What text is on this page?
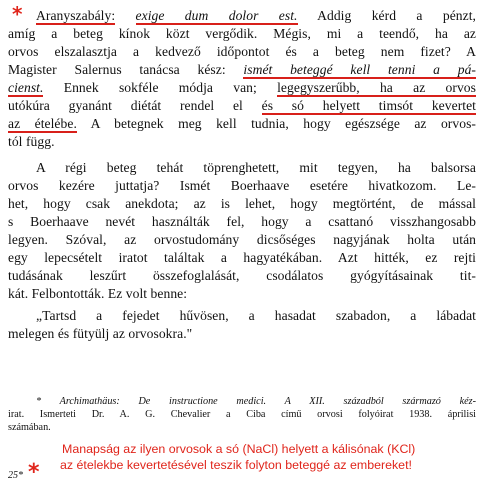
* Aranyszabály: exige dum dolor est. Addig kérd a pénzt,
amíg a beteg kínok közt vergődik. Mégis, mi a teendő, ha az
orvos elszalasztja a kedvező időpontot és a beteg nem fizet? A
Magister Salernus tanácsa kész: ismét beteggé kell tenni a pá-
cienst. Ennek sokféle módja van; legegyszerűbb, ha az orvos
utókúra gyanánt diétát rendel el és só helyett timsót kevertet
az ételébe. A betegnek meg kell tudnia, hogy egészsége az orvos-
tól függ.
A régi beteg tehát töprenghetett, mit tegyen, ha balsorsa
orvos kezére juttatja? Ismét Boerhaave esetére hivatkozom. Le-
het, hogy csak anekdota; az is lehet, hogy megtörtént, de mással
s Boerhaave nevét használták fel, hogy a csattanó visszhangosabb
legyen. Szóval, az orvostudomány dicsőséges nagyjának holta után
egy lepecsételt iratot találtak a hagyatékában. Azt hitték, ez rejti
tudásának leszűrt összefoglalását, csodálatos gyógyításainak tit-
kát. Felbontották. Ez volt benne:
„Tartsd a fejedet hűvösen, a hasadat szabadon, a lábadat
melegen és fütyülj az orvosokra."
* Archimathäus: De instructione medici. A XII. századból származó kéz-
irat. Ismerteti Dr. A. G. Chevalier a Ciba című orvosi folyóirat 1938. áprilisi
számában.
*
Manapság az ilyen orvosok a só (NaCl) helyett a kálisónak (KCl)
az ételekbe kevertetésével teszik folyton beteggé az embereket!
25*
